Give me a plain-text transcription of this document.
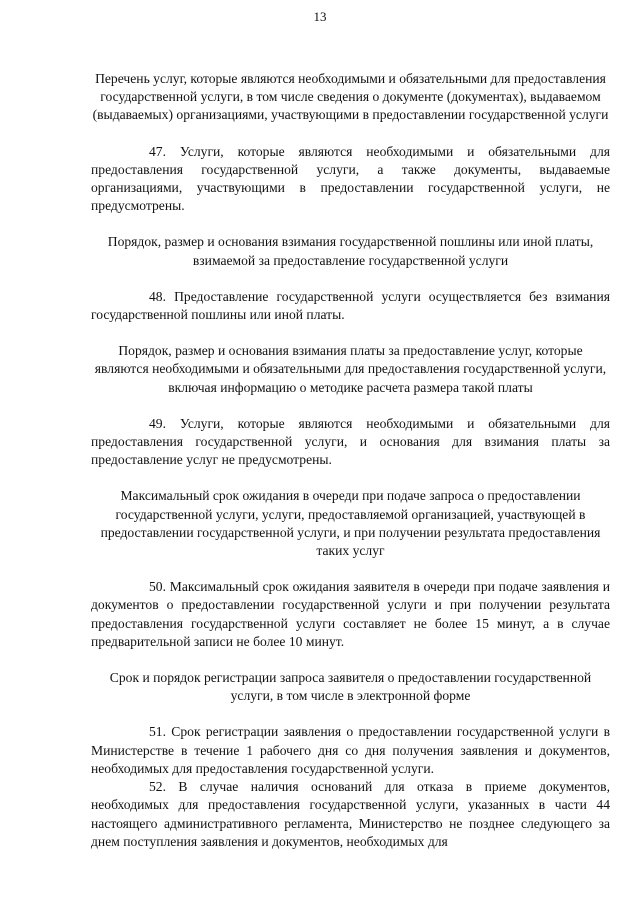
13

Перечень услуг, которые являются необходимыми и обязательными для предоставления государственной услуги, в том числе сведения о документе (документах), выдаваемом (выдаваемых) организациями, участвующими в предоставлении государственной услуги

47. Услуги, которые являются необходимыми и обязательными для предоставления государственной услуги, а также документы, выдаваемые организациями, участвующими в предоставлении государственной услуги, не предусмотрены.

Порядок, размер и основания взимания государственной пошлины или иной платы, взимаемой за предоставление государственной услуги

48. Предоставление государственной услуги осуществляется без взимания государственной пошлины или иной платы.

Порядок, размер и основания взимания платы за предоставление услуг, которые являются необходимыми и обязательными для предоставления государственной услуги, включая информацию о методике расчета размера такой платы

49. Услуги, которые являются необходимыми и обязательными для предоставления государственной услуги, и основания для взимания платы за предоставление услуг не предусмотрены.

Максимальный срок ожидания в очереди при подаче запроса о предоставлении государственной услуги, услуги, предоставляемой организацией, участвующей в предоставлении государственной услуги, и при получении результата предоставления таких услуг

50. Максимальный срок ожидания заявителя в очереди при подаче заявления и документов о предоставлении государственной услуги и при получении результата предоставления государственной услуги составляет не более 15 минут, а в случае предварительной записи не более 10 минут.

Срок и порядок регистрации запроса заявителя о предоставлении государственной услуги, в том числе в электронной форме

51. Срок регистрации заявления о предоставлении государственной услуги в Министерстве в течение 1 рабочего дня со дня получения заявления и документов, необходимых для предоставления государственной услуги.

52. В случае наличия оснований для отказа в приеме документов, необходимых для предоставления государственной услуги, указанных в части 44 настоящего административного регламента, Министерство не позднее следующего за днем поступления заявления и документов, необходимых для
